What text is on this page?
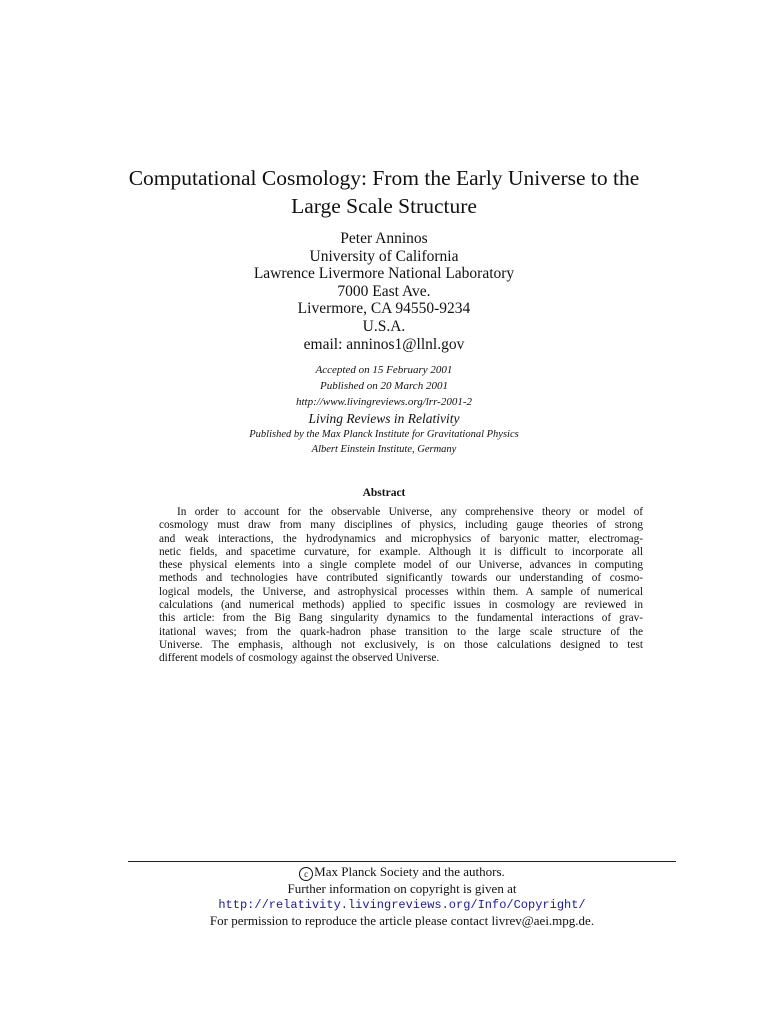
Computational Cosmology: From the Early Universe to the
Large Scale Structure
Peter Anninos
University of California
Lawrence Livermore National Laboratory
7000 East Ave.
Livermore, CA 94550-9234
U.S.A.
email: anninos1@llnl.gov
Accepted on 15 February 2001
Published on 20 March 2001
http://www.livingreviews.org/lrr-2001-2
Living Reviews in Relativity
Published by the Max Planck Institute for Gravitational Physics
Albert Einstein Institute, Germany
Abstract
In order to account for the observable Universe, any comprehensive theory or model of
cosmology must draw from many disciplines of physics, including gauge theories of strong
and weak interactions, the hydrodynamics and microphysics of baryonic matter, electromag-
netic fields, and spacetime curvature, for example. Although it is difficult to incorporate all
these physical elements into a single complete model of our Universe, advances in computing
methods and technologies have contributed significantly towards our understanding of cosmo-
logical models, the Universe, and astrophysical processes within them. A sample of numerical
calculations (and numerical methods) applied to specific issues in cosmology are reviewed in
this article: from the Big Bang singularity dynamics to the fundamental interactions of grav-
itational waves; from the quark-hadron phase transition to the large scale structure of the
Universe. The emphasis, although not exclusively, is on those calculations designed to test
different models of cosmology against the observed Universe.
c Max Planck Society and the authors.
Further information on copyright is given at
http://relativity.livingreviews.org/Info/Copyright/
For permission to reproduce the article please contact livrev@aei.mpg.de.
